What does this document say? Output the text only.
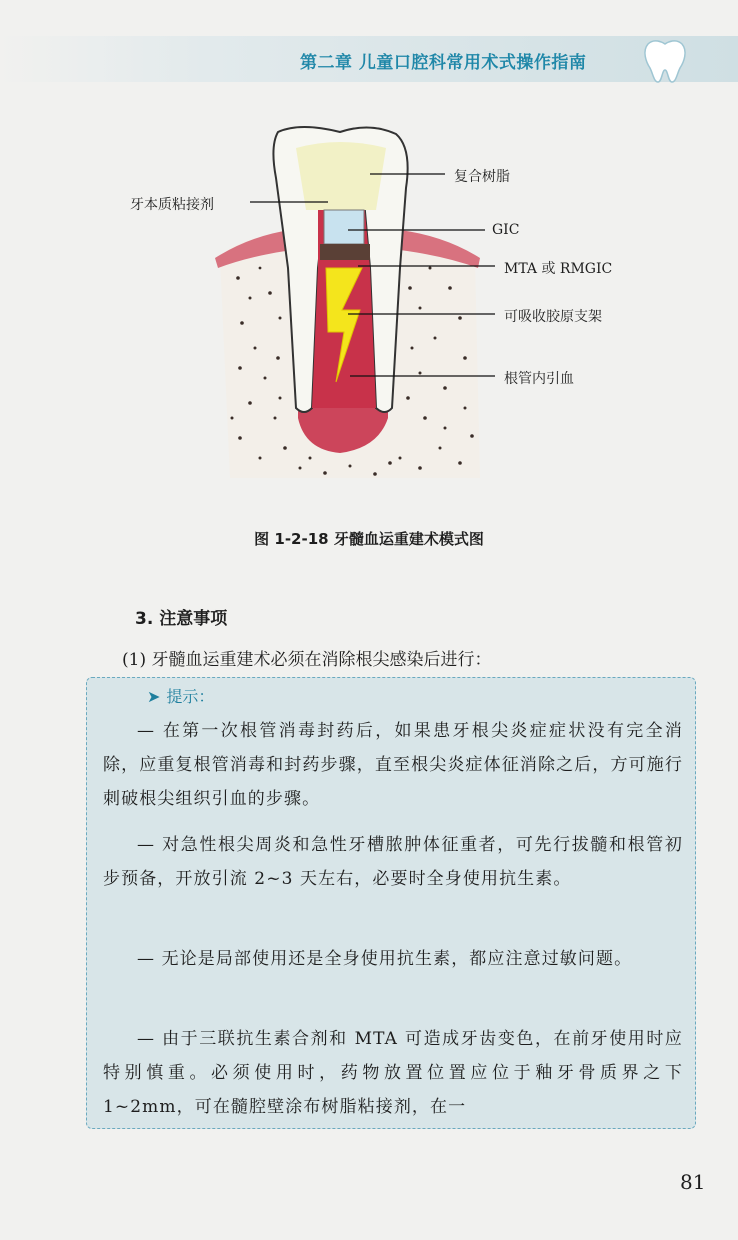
第二章 儿童口腔科常用术式操作指南
复合树脂
牙本质粘接剂
GIC
MTA 或 RMGIC
可吸收胶原支架
根管内引血
图 1-2-18 牙髓血运重建术模式图
3. 注意事项
(1) 牙髓血运重建术必须在消除根尖感染后进行：
➤ 提示：
— 在第一次根管消毒封药后，如果患牙根尖炎症症状没有完全消除，应重复根管消毒和封药步骤，直至根尖炎症体征消除之后，方可施行刺破根尖组织引血的步骤。
— 对急性根尖周炎和急性牙槽脓肿体征重者，可先行拔髓和根管初步预备，开放引流 2~3 天左右，必要时全身使用抗生素。
— 无论是局部使用还是全身使用抗生素，都应注意过敏问题。
— 由于三联抗生素合剂和 MTA 可造成牙齿变色，在前牙使用时应特别慎重。必须使用时，药物放置位置应位于釉牙骨质界之下 1~2mm，可在髓腔壁涂布树脂粘接剂，在一
81
